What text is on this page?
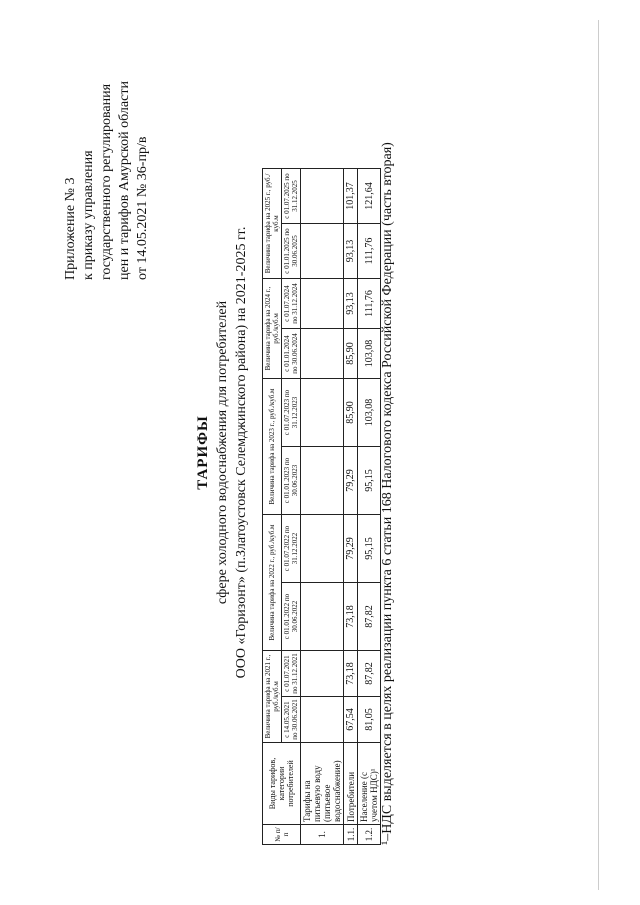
Приложение № 3 к приказу управления государственного регулирования цен и тарифов Амурской области от 14.05.2021 № 36-пр/в
ТАРИФЫ сфере холодного водоснабжения для потребителей ООО «Горизонт» (п.Златоустовск Селемджинского района) на 2021-2025 гг.
№ п/п	Виды тарифов, категории потребителей	Величина тарифа на 2021 г., руб./куб.м		Величина тарифа на 2022 г., руб./куб.м		Величина тарифа на 2023 г., руб./куб.м		Величина тарифа на 2024 г., руб./куб.м		Величина тарифа на 2025 г., руб./куб.м	
		с 14.05.2021 по 30.06.2021	с 01.07.2021 по 31.12.2021	с 01.01.2022 по 30.06.2022	с 01.07.2022 по 31.12.2022	с 01.01.2023 по 30.06.2023	с 01.07.2023 по 31.12.2023	с 01.01.2024 по 30.06.2024	с 01.07.2024 по 31.12.2024	с 01.01.2025 по 30.06.2025	с 01.07.2025 по 31.12.2025
1.	Тарифы на питьевую воду (питьевое водоснабжение)										
1.1.	Потребители	67,54	73,18	73,18	79,29	79,29	85,90	85,90	93,13	93,13	101,37
1.2.	Население (с учетом НДС)¹	81,05	87,82	87,82	95,15	95,15	103,08	103,08	111,76	111,76	121,64 ¹–НДС выделяется в целях реализации пункта 6 статьи 168 Налогового кодекса Российской Федерации (часть вторая)
